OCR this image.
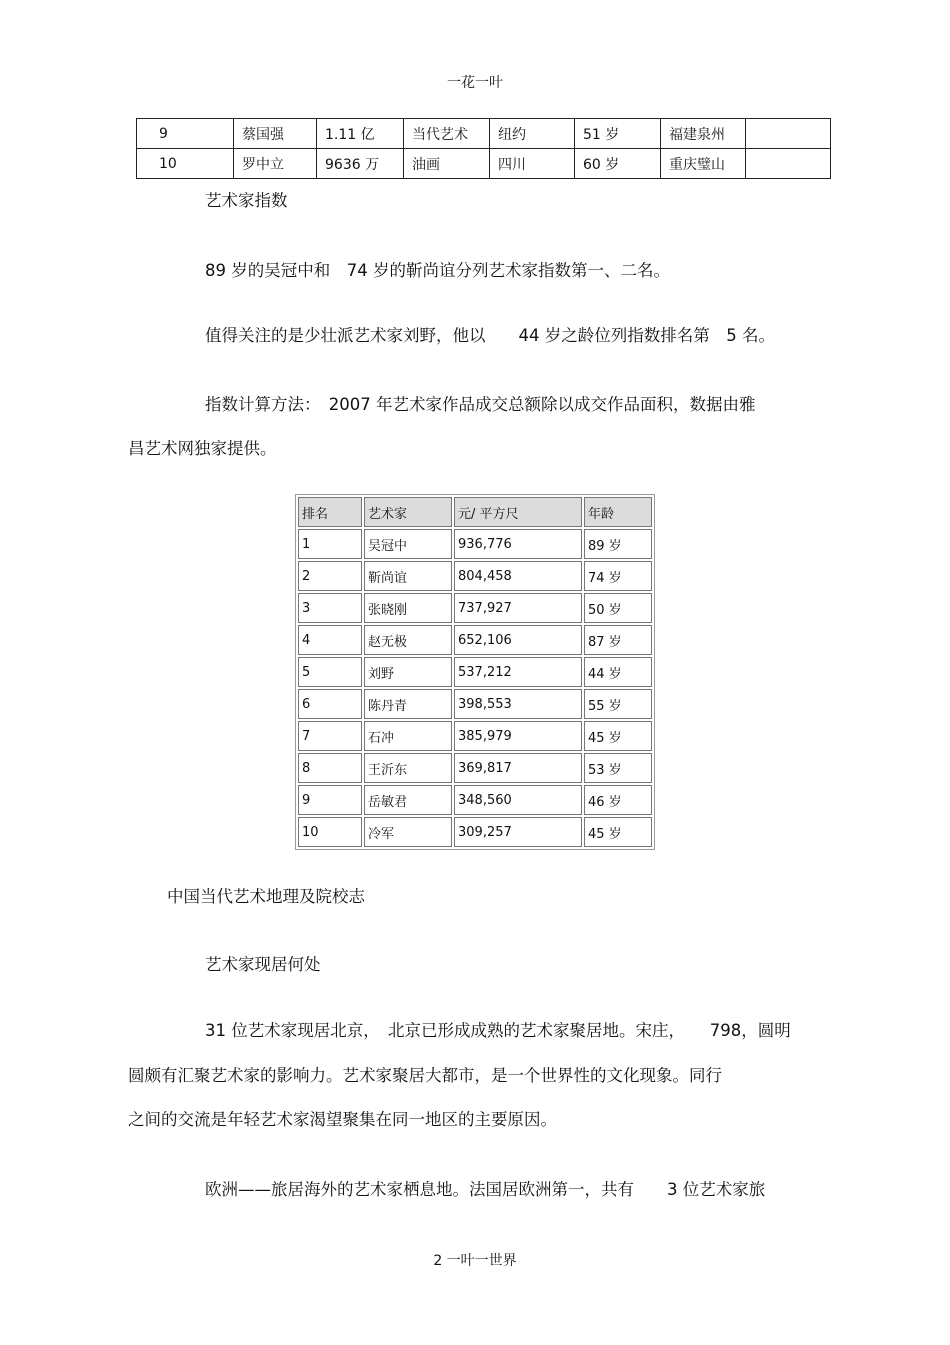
一花一叶
9	蔡国强	1.11 亿	当代艺术	纽约	51 岁	福建泉州	
10	罗中立	9636 万	油画	四川	60 岁	重庆璧山	
艺术家指数
89 岁的吴冠中和　74 岁的靳尚谊分列艺术家指数第一、二名。
值得关注的是少壮派艺术家刘野，他以　　44 岁之龄位列指数排名第　5 名。
指数计算方法：　2007 年艺术家作品成交总额除以成交作品面积，数据由雅
昌艺术网独家提供。
排名	艺术家	元/ 平方尺	年龄
1	吴冠中	936,776	89 岁
2	靳尚谊	804,458	74 岁
3	张晓刚	737,927	50 岁
4	赵无极	652,106	87 岁
5	刘野	537,212	44 岁
6	陈丹青	398,553	55 岁
7	石冲	385,979	45 岁
8	王沂东	369,817	53 岁
9	岳敏君	348,560	46 岁
10	冷军	309,257	45 岁
中国当代艺术地理及院校志
艺术家现居何处
31 位艺术家现居北京，　北京已形成成熟的艺术家聚居地。宋庄，　　798，圆明
圆颇有汇聚艺术家的影响力。艺术家聚居大都市，是一个世界性的文化现象。同行
之间的交流是年轻艺术家渴望聚集在同一地区的主要原因。
欧洲——旅居海外的艺术家栖息地。法国居欧洲第一，共有　　3 位艺术家旅
2 一叶一世界
